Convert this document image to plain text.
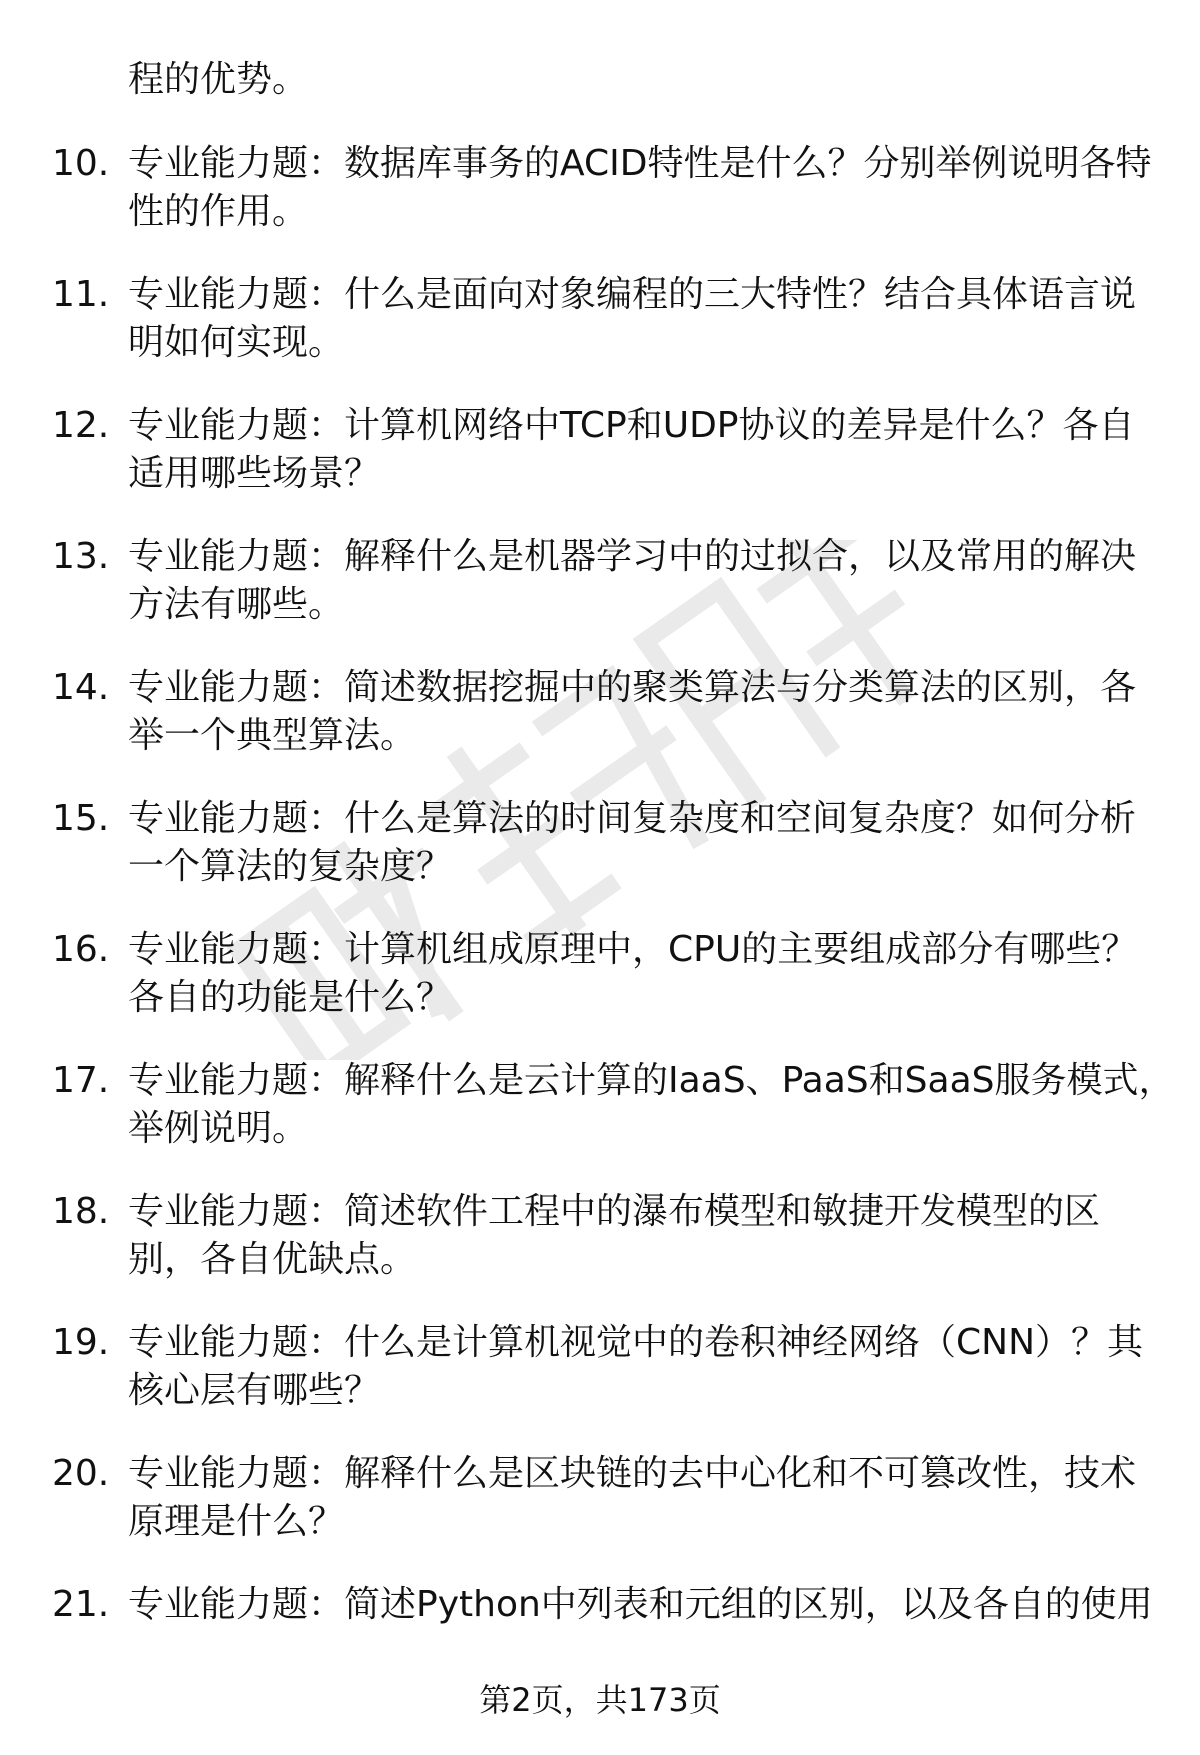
程的优势。
10. 专业能力题：数据库事务的ACID特性是什么？分别举例说明各特
性的作用。
11. 专业能力题：什么是面向对象编程的三大特性？结合具体语言说
明如何实现。
12. 专业能力题：计算机网络中TCP和UDP协议的差异是什么？各自
适用哪些场景？
13. 专业能力题：解释什么是机器学习中的过拟合，以及常用的解决
方法有哪些。
14. 专业能力题：简述数据挖掘中的聚类算法与分类算法的区别，各
举一个典型算法。
15. 专业能力题：什么是算法的时间复杂度和空间复杂度？如何分析
一个算法的复杂度？
16. 专业能力题：计算机组成原理中，CPU的主要组成部分有哪些？
各自的功能是什么？
17. 专业能力题：解释什么是云计算的IaaS、PaaS和SaaS服务模式，
举例说明。
18. 专业能力题：简述软件工程中的瀑布模型和敏捷开发模型的区
别，各自优缺点。
19. 专业能力题：什么是计算机视觉中的卷积神经网络（CNN）？其
核心层有哪些？
20. 专业能力题：解释什么是区块链的去中心化和不可篡改性，技术
原理是什么？
21. 专业能力题：简述Python中列表和元组的区别，以及各自的使用
第2页，共173页
